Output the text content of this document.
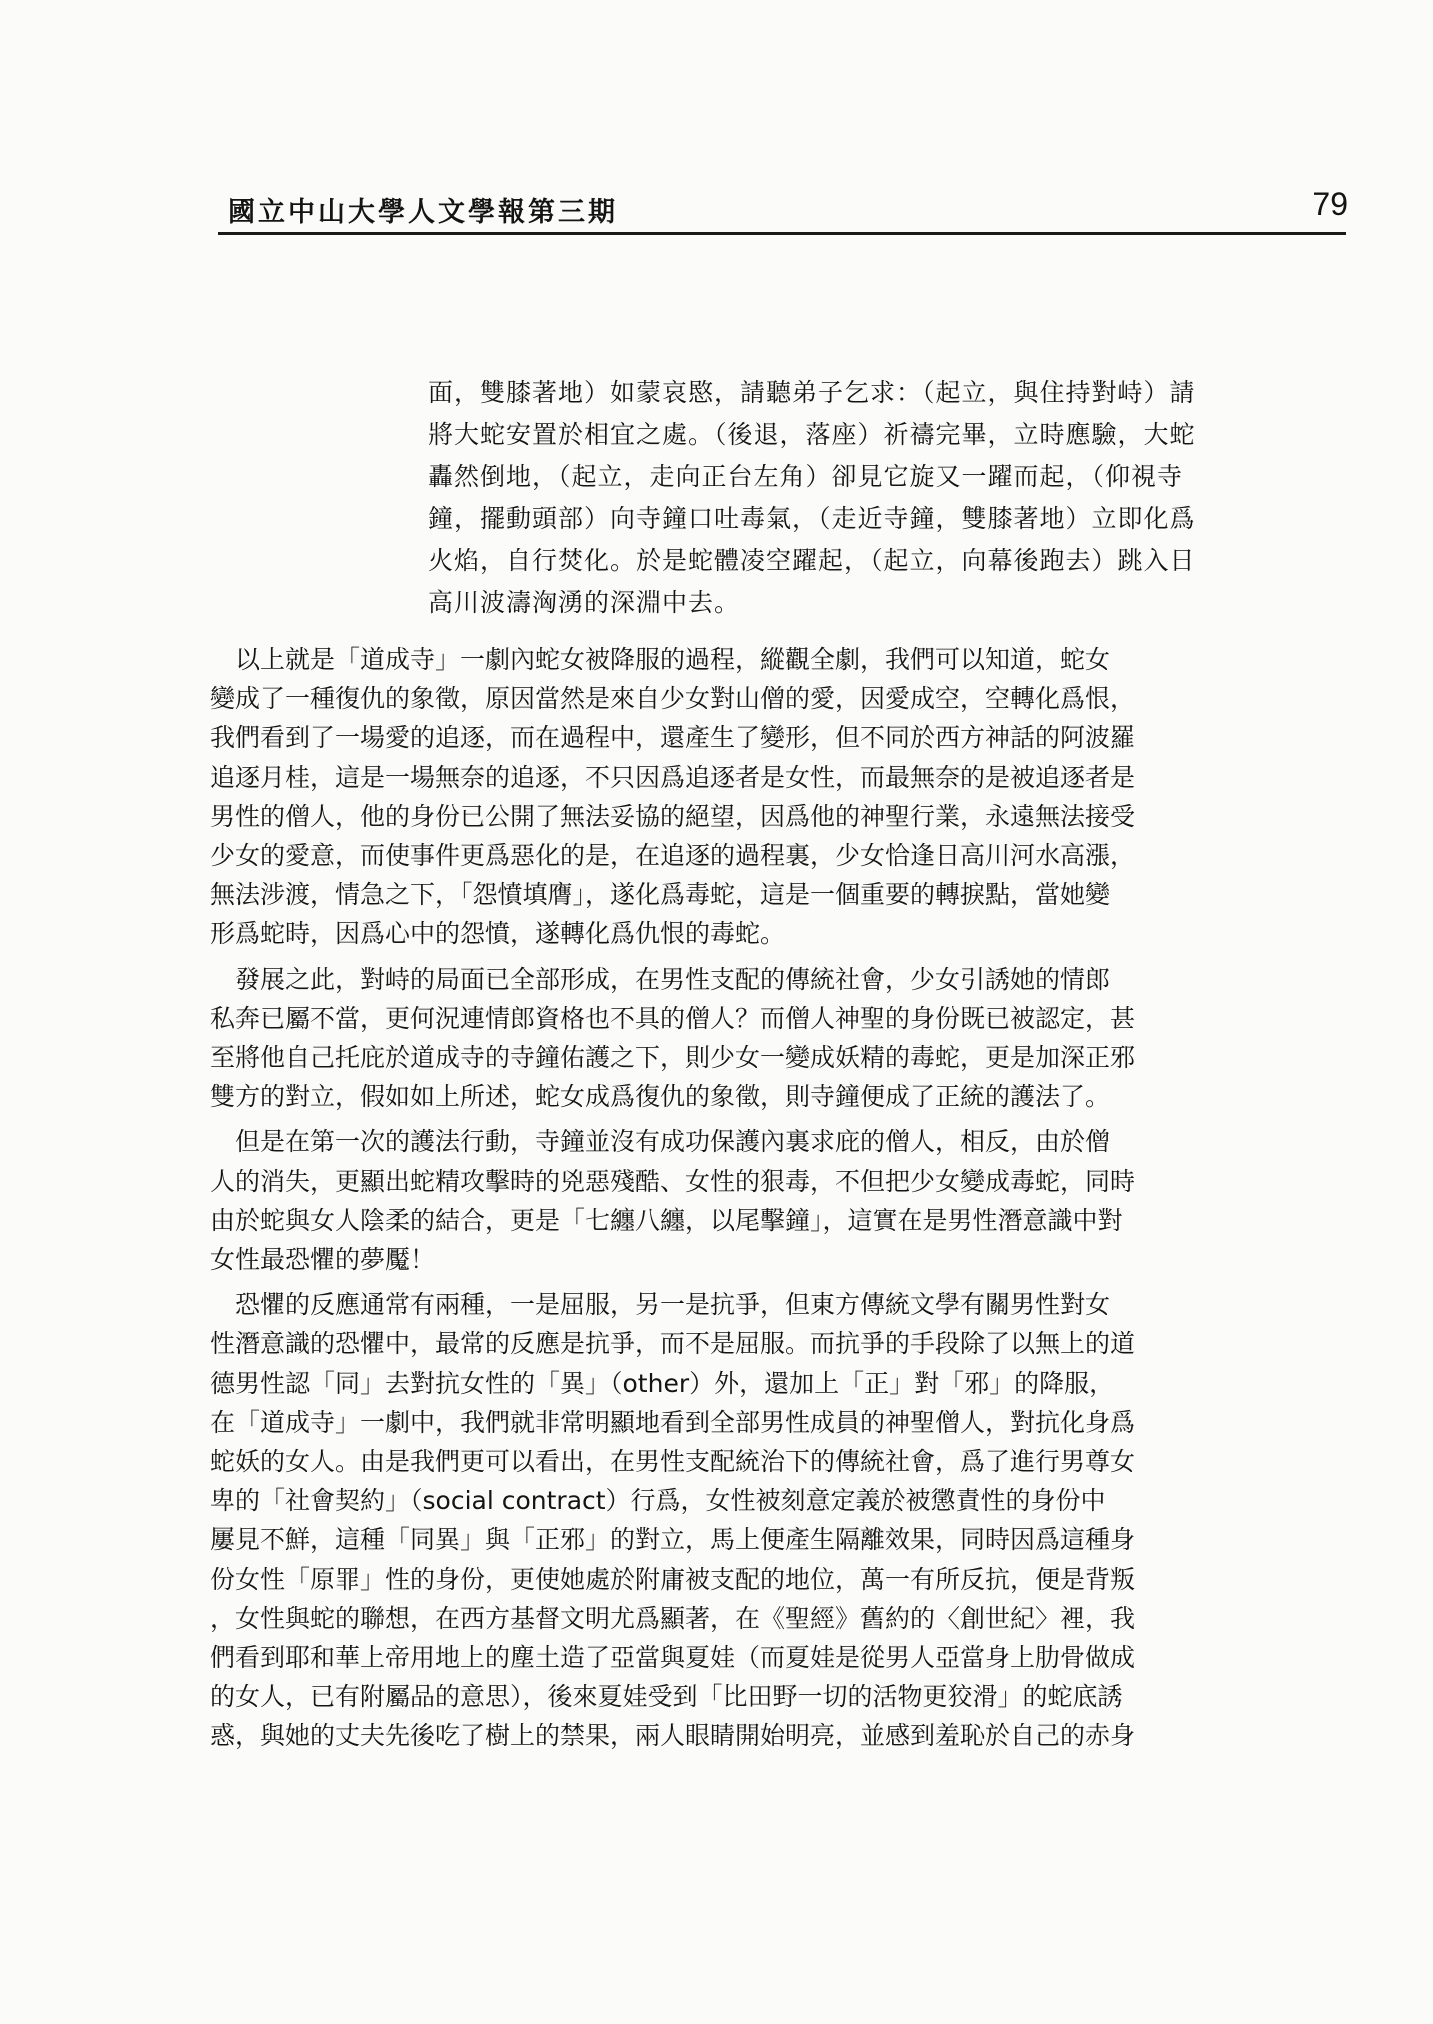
國立中山大學人文學報第三期	79
面，雙膝著地）如蒙哀愍，請聽弟子乞求：（起立，與住持對峙）請
將大蛇安置於相宜之處。（後退，落座）祈禱完畢，立時應驗，大蛇
轟然倒地，（起立，走向正台左角）卻見它旋又一躍而起，（仰視寺
鐘，擺動頭部）向寺鐘口吐毒氣，（走近寺鐘，雙膝著地）立即化爲
火焰，自行焚化。於是蛇體凌空躍起，（起立，向幕後跑去）跳入日
高川波濤洶湧的深淵中去。

　以上就是「道成寺」一劇內蛇女被降服的過程，縱觀全劇，我們可以知道，蛇女
變成了一種復仇的象徵，原因當然是來自少女對山僧的愛，因愛成空，空轉化爲恨，
我們看到了一場愛的追逐，而在過程中，還產生了變形，但不同於西方神話的阿波羅
追逐月桂，這是一場無奈的追逐，不只因爲追逐者是女性，而最無奈的是被追逐者是
男性的僧人，他的身份已公開了無法妥協的絕望，因爲他的神聖行業，永遠無法接受
少女的愛意，而使事件更爲惡化的是，在追逐的過程裏，少女恰逢日高川河水高漲，
無法涉渡，情急之下，「怨憤填膺」，遂化爲毒蛇，這是一個重要的轉捩點，當她變
形爲蛇時，因爲心中的怨憤，遂轉化爲仇恨的毒蛇。

　發展之此，對峙的局面已全部形成，在男性支配的傳統社會，少女引誘她的情郎
私奔已屬不當，更何況連情郎資格也不具的僧人？而僧人神聖的身份既已被認定，甚
至將他自己托庇於道成寺的寺鐘佑護之下，則少女一變成妖精的毒蛇，更是加深正邪
雙方的對立，假如如上所述，蛇女成爲復仇的象徵，則寺鐘便成了正統的護法了。

　但是在第一次的護法行動，寺鐘並沒有成功保護內裏求庇的僧人，相反，由於僧
人的消失，更顯出蛇精攻擊時的兇惡殘酷、女性的狠毒，不但把少女變成毒蛇，同時
由於蛇與女人陰柔的結合，更是「七纏八纏，以尾擊鐘」，這實在是男性潛意識中對
女性最恐懼的夢魘！

　恐懼的反應通常有兩種，一是屈服，另一是抗爭，但東方傳統文學有關男性對女
性潛意識的恐懼中，最常的反應是抗爭，而不是屈服。而抗爭的手段除了以無上的道
德男性認「同」去對抗女性的「異」（other）外，還加上「正」對「邪」的降服，
在「道成寺」一劇中，我們就非常明顯地看到全部男性成員的神聖僧人，對抗化身爲
蛇妖的女人。由是我們更可以看出，在男性支配統治下的傳統社會，爲了進行男尊女
卑的「社會契約」（social contract）行爲，女性被刻意定義於被懲責性的身份中
屢見不鮮，這種「同異」與「正邪」的對立，馬上便產生隔離效果，同時因爲這種身
份女性「原罪」性的身份，更使她處於附庸被支配的地位，萬一有所反抗，便是背叛
，女性與蛇的聯想，在西方基督文明尤爲顯著，在《聖經》舊約的〈創世紀〉裡，我
們看到耶和華上帝用地上的塵土造了亞當與夏娃（而夏娃是從男人亞當身上肋骨做成
的女人，已有附屬品的意思），後來夏娃受到「比田野一切的活物更狡滑」的蛇底誘
惑，與她的丈夫先後吃了樹上的禁果，兩人眼睛開始明亮，並感到羞恥於自己的赤身
